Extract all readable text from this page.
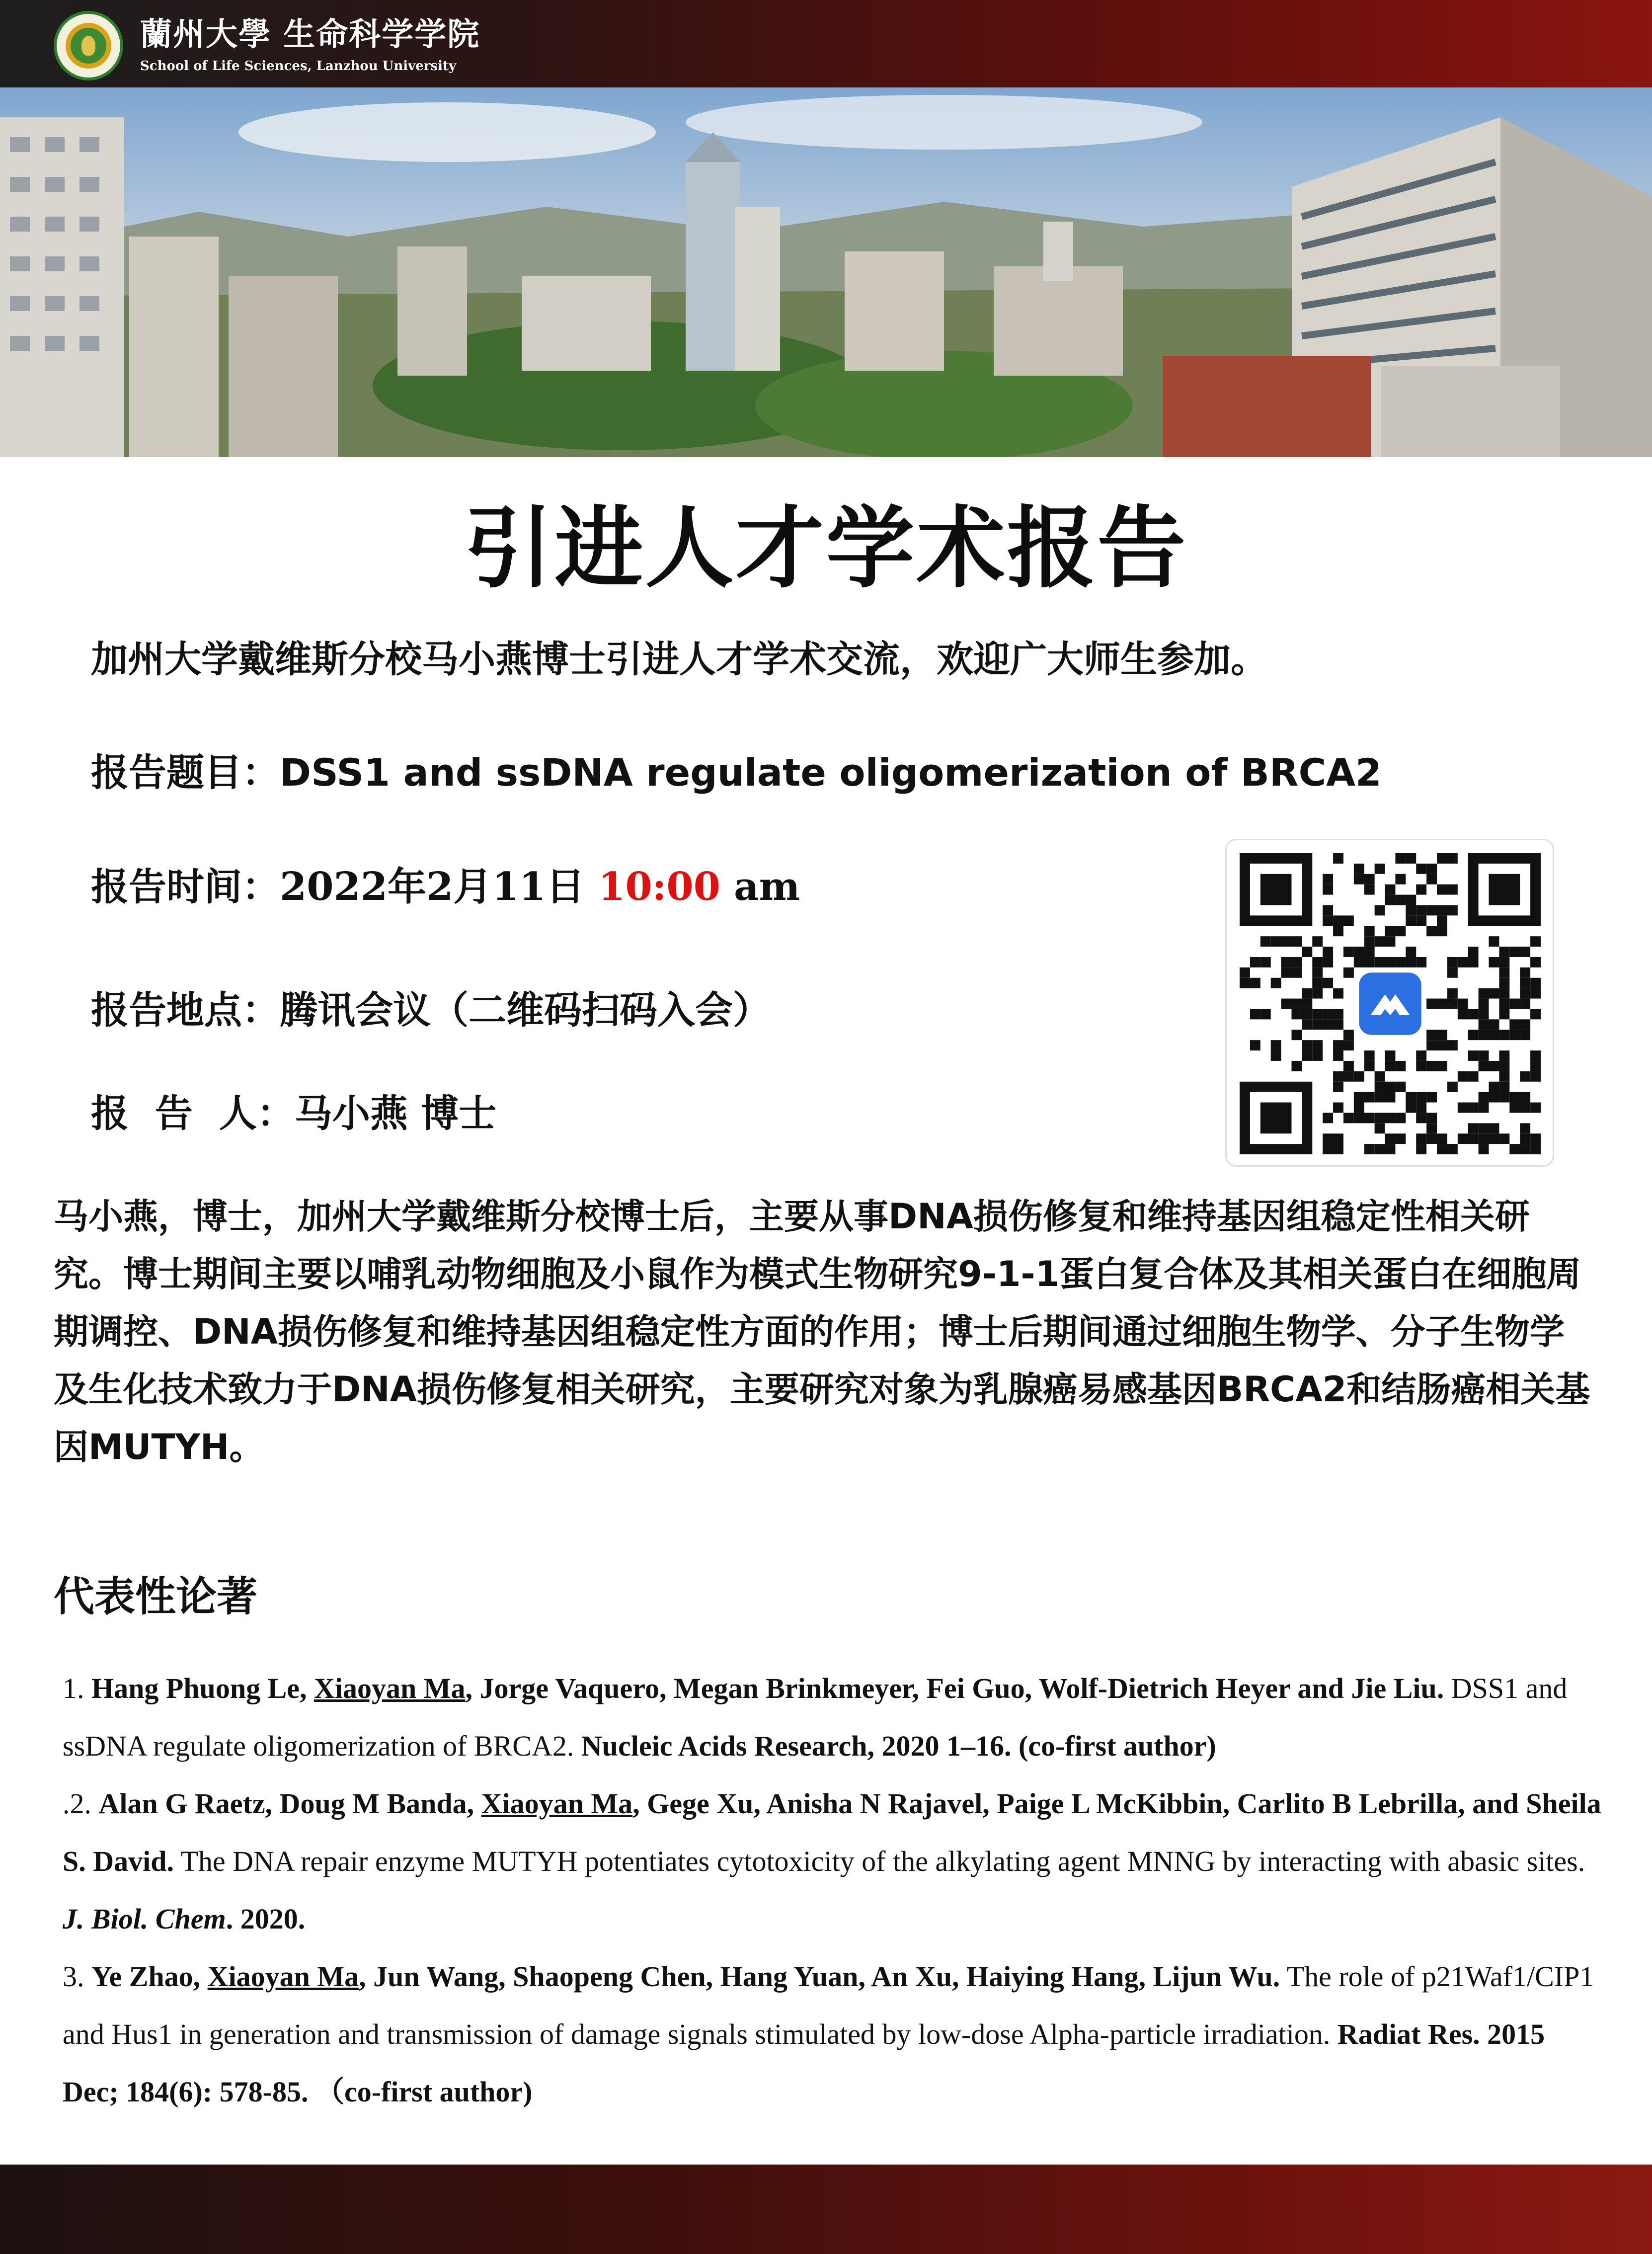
蘭州大學 生命科学学院
School of Life Sciences, Lanzhou University
引进人才学术报告
加州大学戴维斯分校马小燕博士引进人才学术交流，欢迎广大师生参加。
报告题目：DSS1 and ssDNA regulate oligomerization of BRCA2
报告时间：2022年2月11日 10:00 am
报告地点：腾讯会议（二维码扫码入会）
报  告  人：马小燕 博士
马小燕，博士，加州大学戴维斯分校博士后，主要从事DNA损伤修复和维持基因组稳定性相关研究。博士期间主要以哺乳动物细胞及小鼠作为模式生物研究9-1-1蛋白复合体及其相关蛋白在细胞周期调控、DNA损伤修复和维持基因组稳定性方面的作用；博士后期间通过细胞生物学、分子生物学及生化技术致力于DNA损伤修复相关研究，主要研究对象为乳腺癌易感基因BRCA2和结肠癌相关基因MUTYH。
代表性论著

1. Hang Phuong Le, Xiaoyan Ma, Jorge Vaquero, Megan Brinkmeyer, Fei Guo, Wolf-Dietrich Heyer and Jie Liu. DSS1 and ssDNA regulate oligomerization of BRCA2. Nucleic Acids Research, 2020 1–16. (co-first author)

.2. Alan G Raetz, Doug M Banda, Xiaoyan Ma, Gege Xu, Anisha N Rajavel, Paige L McKibbin, Carlito B Lebrilla, and Sheila S. David. The DNA repair enzyme MUTYH potentiates cytotoxicity of the alkylating agent MNNG by interacting with abasic sites. J. Biol. Chem. 2020.

3. Ye Zhao, Xiaoyan Ma, Jun Wang, Shaopeng Chen, Hang Yuan, An Xu, Haiying Hang, Lijun Wu. The role of p21Waf1/CIP1 and Hus1 in generation and transmission of damage signals stimulated by low-dose Alpha-particle irradiation. Radiat Res. 2015 Dec; 184(6): 578-85. （co-first author)
